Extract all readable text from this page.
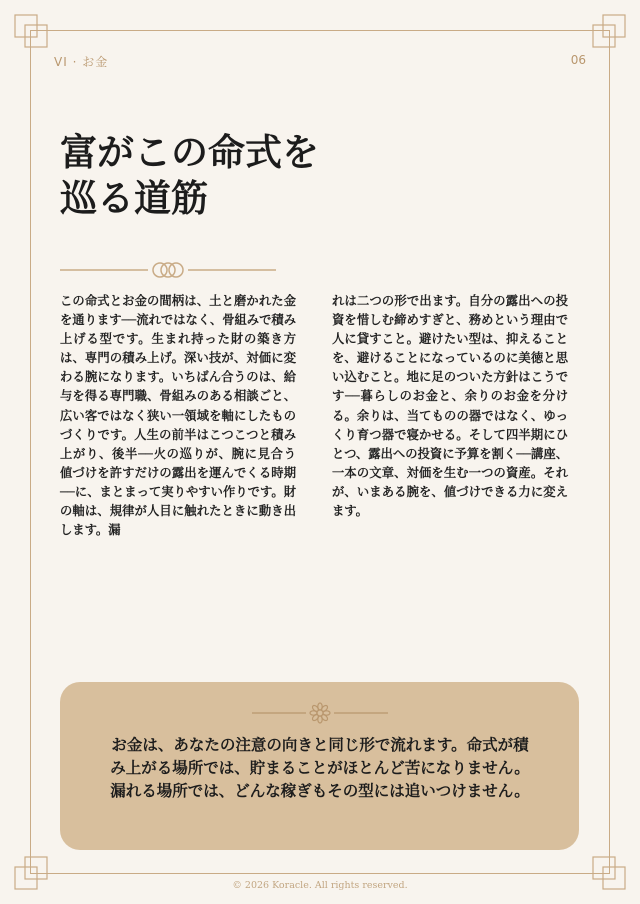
VI · お金	06
富がこの命式を
巡る道筋

この命式とお金の間柄は、土と磨かれた金を通ります──流れではなく、骨組みで積み上げる型です。生まれ持った財の築き方は、専門の積み上げ。深い技が、対価に変わる腕になります。いちばん合うのは、給与を得る専門職、骨組みのある相談ごと、広い客ではなく狭い一領域を軸にしたものづくりです。人生の前半はこつこつと積み上がり、後半──火の巡りが、腕に見合う値づけを許すだけの露出を運んでくる時期──に、まとまって実りやすい作りです。財の軸は、規律が人目に触れたときに動き出します。漏

れは二つの形で出ます。自分の露出への投資を惜しむ締めすぎと、務めという理由で人に貸すこと。避けたい型は、抑えることを、避けることになっているのに美徳と思い込むこと。地に足のついた方針はこうです──暮らしのお金と、余りのお金を分ける。余りは、当てものの器ではなく、ゆっくり育つ器で寝かせる。そして四半期にひとつ、露出への投資に予算を割く──講座、一本の文章、対価を生む一つの資産。それが、いまある腕を、値づけできる力に変えます。

お金は、あなたの注意の向きと同じ形で流れます。命式が積み上がる場所では、貯まることがほとんど苦になりません。漏れる場所では、どんな稼ぎもその型には追いつけません。

© 2026 Koracle. All rights reserved.
